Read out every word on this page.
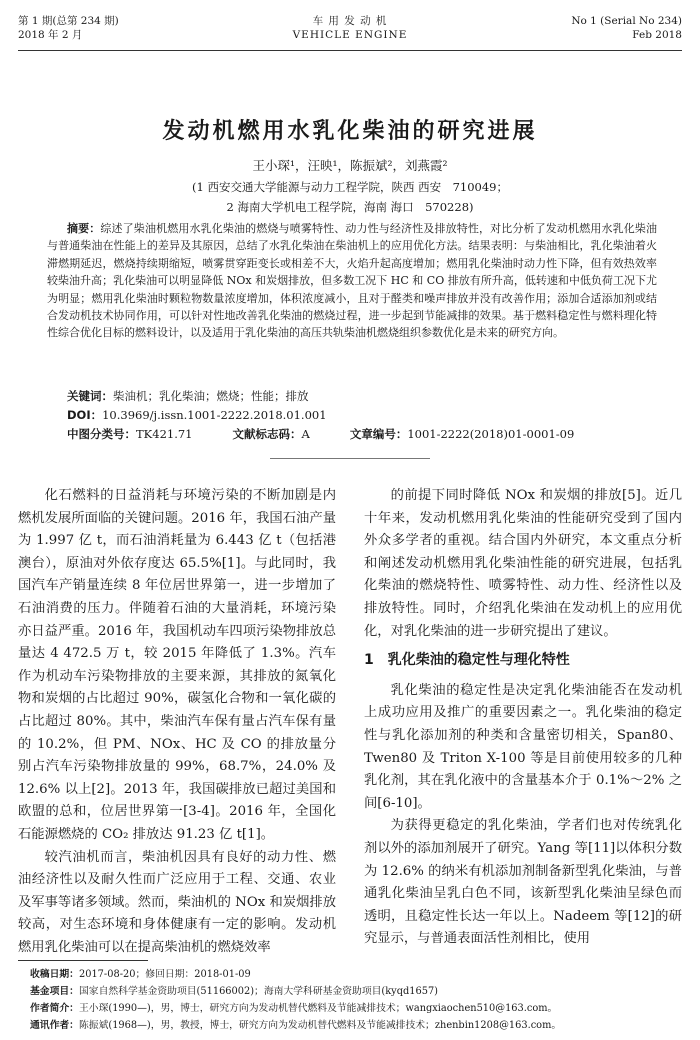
第 1 期(总第 234 期)
2018 年 2 月
车 用 发 动 机
VEHICLE ENGINE
No 1 (Serial No 234)
Feb 2018
发动机燃用水乳化柴油的研究进展
王小琛¹，汪映¹，陈振斌²，刘燕霞²
(1 西安交通大学能源与动力工程学院，陕西 西安　710049；
2 海南大学机电工程学院，海南 海口　570228)
摘要：综述了柴油机燃用水乳化柴油的燃烧与喷雾特性、动力性与经济性及排放特性，对比分析了发动机燃用水乳化柴油与普通柴油在性能上的差异及其原因，总结了水乳化柴油在柴油机上的应用优化方法。结果表明：与柴油相比，乳化柴油着火滞燃期延迟，燃烧持续期缩短，喷雾贯穿距变长或相差不大，火焰升起高度增加；燃用乳化柴油时动力性下降，但有效热效率较柴油升高；乳化柴油可以明显降低 NOx 和炭烟排放，但多数工况下 HC 和 CO 排放有所升高，低转速和中低负荷工况下尤为明显；燃用乳化柴油时颗粒物数量浓度增加，体积浓度减小，且对于醛类和噪声排放并没有改善作用；添加合适添加剂或结合发动机技术协同作用，可以针对性地改善乳化柴油的燃烧过程，进一步起到节能减排的效果。基于燃料稳定性与燃料理化特性综合优化目标的燃料设计，以及适用于乳化柴油的高压共轨柴油机燃烧组织参数优化是未来的研究方向。
关键词：柴油机；乳化柴油；燃烧；性能；排放
DOI：10.3969/j.issn.1001-2222.2018.01.001
中图分类号：TK421.71	文献标志码：A	文章编号：1001-2222(2018)01-0001-09

化石燃料的日益消耗与环境污染的不断加剧是内燃机发展所面临的关键问题。2016 年，我国石油产量为 1.997 亿 t，而石油消耗量为 6.443 亿 t（包括港澳台），原油对外依存度达 65.5%[1]。与此同时，我国汽车产销量连续 8 年位居世界第一，进一步增加了石油消费的压力。伴随着石油的大量消耗，环境污染亦日益严重。2016 年，我国机动车四项污染物排放总量达 4 472.5 万 t，较 2015 年降低了 1.3%。汽车作为机动车污染物排放的主要来源，其排放的氮氧化物和炭烟的占比超过 90%，碳氢化合物和一氧化碳的占比超过 80%。其中，柴油汽车保有量占汽车保有量的 10.2%，但 PM、NOx、HC 及 CO 的排放量分别占汽车污染物排放量的 99%，68.7%，24.0% 及 12.6% 以上[2]。2013 年，我国碳排放已超过美国和欧盟的总和，位居世界第一[3-4]。2016 年，全国化石能源燃烧的 CO₂ 排放达 91.23 亿 t[1]。

较汽油机而言，柴油机因具有良好的动力性、燃油经济性以及耐久性而广泛应用于工程、交通、农业及军事等诸多领域。然而，柴油机的 NOx 和炭烟排放较高，对生态环境和身体健康有一定的影响。发动机燃用乳化柴油可以在提高柴油机的燃烧效率

的前提下同时降低 NOx 和炭烟的排放[5]。近几十年来，发动机燃用乳化柴油的性能研究受到了国内外众多学者的重视。结合国内外研究，本文重点分析和阐述发动机燃用乳化柴油性能的研究进展，包括乳化柴油的燃烧特性、喷雾特性、动力性、经济性以及排放特性。同时，介绍乳化柴油在发动机上的应用优化，对乳化柴油的进一步研究提出了建议。

1　乳化柴油的稳定性与理化特性

乳化柴油的稳定性是决定乳化柴油能否在发动机上成功应用及推广的重要因素之一。乳化柴油的稳定性与乳化添加剂的种类和含量密切相关，Span80、Twen80 及 Triton X-100 等是目前使用较多的几种乳化剂，其在乳化液中的含量基本介于 0.1%～2% 之间[6-10]。

为获得更稳定的乳化柴油，学者们也对传统乳化剂以外的添加剂展开了研究。Yang 等[11]以体积分数为 12.6% 的纳米有机添加剂制备新型乳化柴油，与普通乳化柴油呈乳白色不同，该新型乳化柴油呈绿色而透明，且稳定性长达一年以上。Nadeem 等[12]的研究显示，与普通表面活性剂相比，使用

收稿日期：2017-08-20；修回日期：2018-01-09
基金项目：国家自然科学基金资助项目(51166002)；海南大学科研基金资助项目(kyqd1657)
作者简介：王小琛(1990—)，男，博士，研究方向为发动机替代燃料及节能减排技术；wangxiaochen510@163.com。
通讯作者：陈振斌(1968—)，男，教授，博士，研究方向为发动机替代燃料及节能减排技术；zhenbin1208@163.com。
